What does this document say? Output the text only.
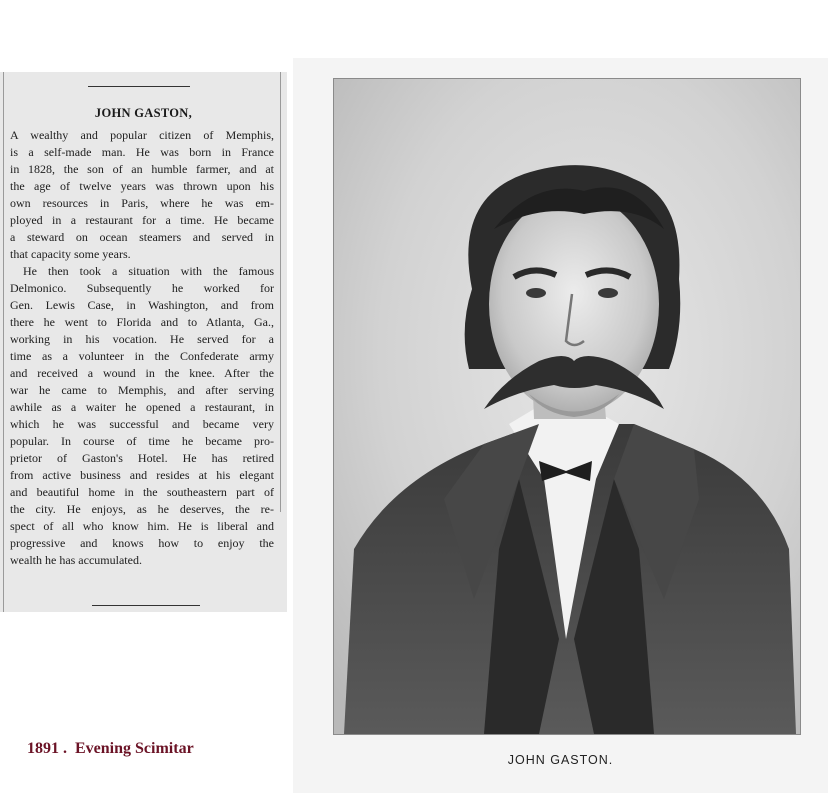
JOHN GASTON,

A wealthy and popular citizen of Memphis,

is a self-made man. He was born in France

in 1828, the son of an humble farmer, and at

the age of twelve years was thrown upon his

own resources in Paris, where he was em-

ployed in a restaurant for a time. He became

a steward on ocean steamers and served in

that capacity some years.

He then took a situation with the famous

Delmonico. Subsequently he worked for

Gen. Lewis Case, in Washington, and from

there he went to Florida and to Atlanta, Ga.,

working in his vocation. He served for a

time as a volunteer in the Confederate army

and received a wound in the knee. After the

war he came to Memphis, and after serving

awhile as a waiter he opened a restaurant, in

which he was successful and became very

popular. In course of time he became pro-

prietor of Gaston's Hotel. He has retired

from active business and resides at his elegant

and beautiful home in the southeastern part of

the city. He enjoys, as he deserves, the re-

spect of all who know him. He is liberal and

progressive and knows how to enjoy the

wealth he has accumulated.

1891 .  Evening Scimitar

JOHN GASTON.
